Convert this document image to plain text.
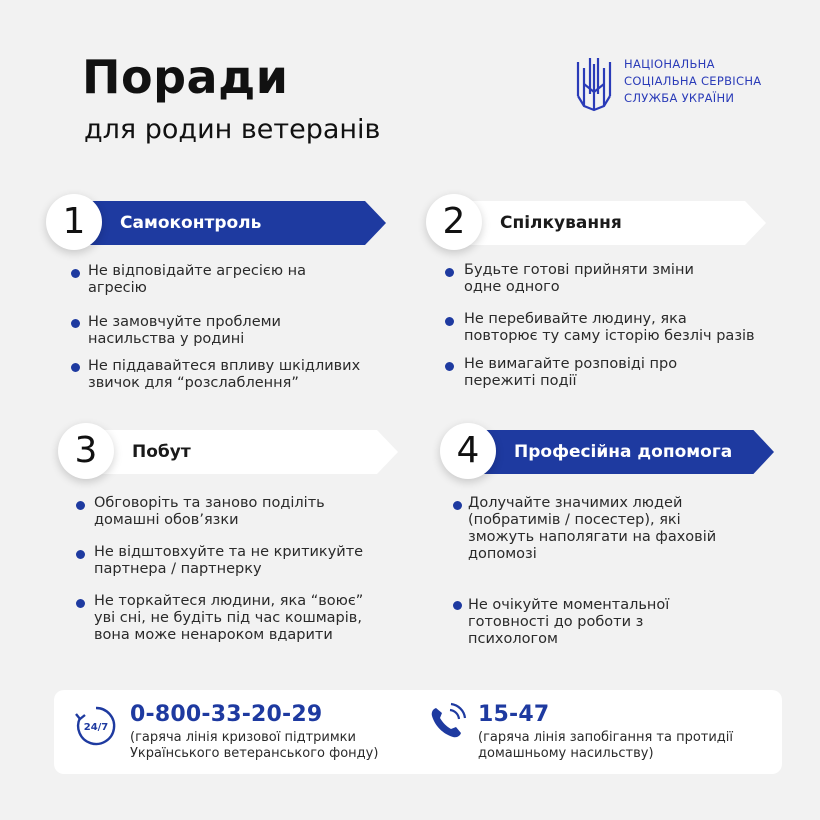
Поради
для родин ветеранів
НАЦІОНАЛЬНА
СОЦІАЛЬНА СЕРВІСНА
СЛУЖБА УКРАЇНИ
Самоконтроль
1
Не відповідайте агресією на
агресію
Не замовчуйте проблеми
насильства у родині
Не піддавайтеся впливу шкідливих
звичок для “розслаблення”
Спілкування
2
Будьте готові прийняти зміни
одне одного
Не перебивайте людину, яка
повторює ту саму історію безліч разів
Не вимагайте розповіді про
пережиті події
Побут
3
Обговоріть та заново поділіть
домашні обов’язки
Не відштовхуйте та не критикуйте
партнера / партнерку
Не торкайтеся людини, яка “воює”
уві сні, не будіть під час кошмарів,
вона може ненароком вдарити
Професійна допомога
4
Долучайте значимих людей
(побратимів / посестер), які
зможуть наполягати на фаховій
допомозі
Не очікуйте моментальної
готовності до роботи з
психологом
24/7
0-800-33-20-29
(гаряча лінія кризової підтримки
Українського ветеранського фонду)
15-47
(гаряча лінія запобігання та протидії
домашньому насильству)
